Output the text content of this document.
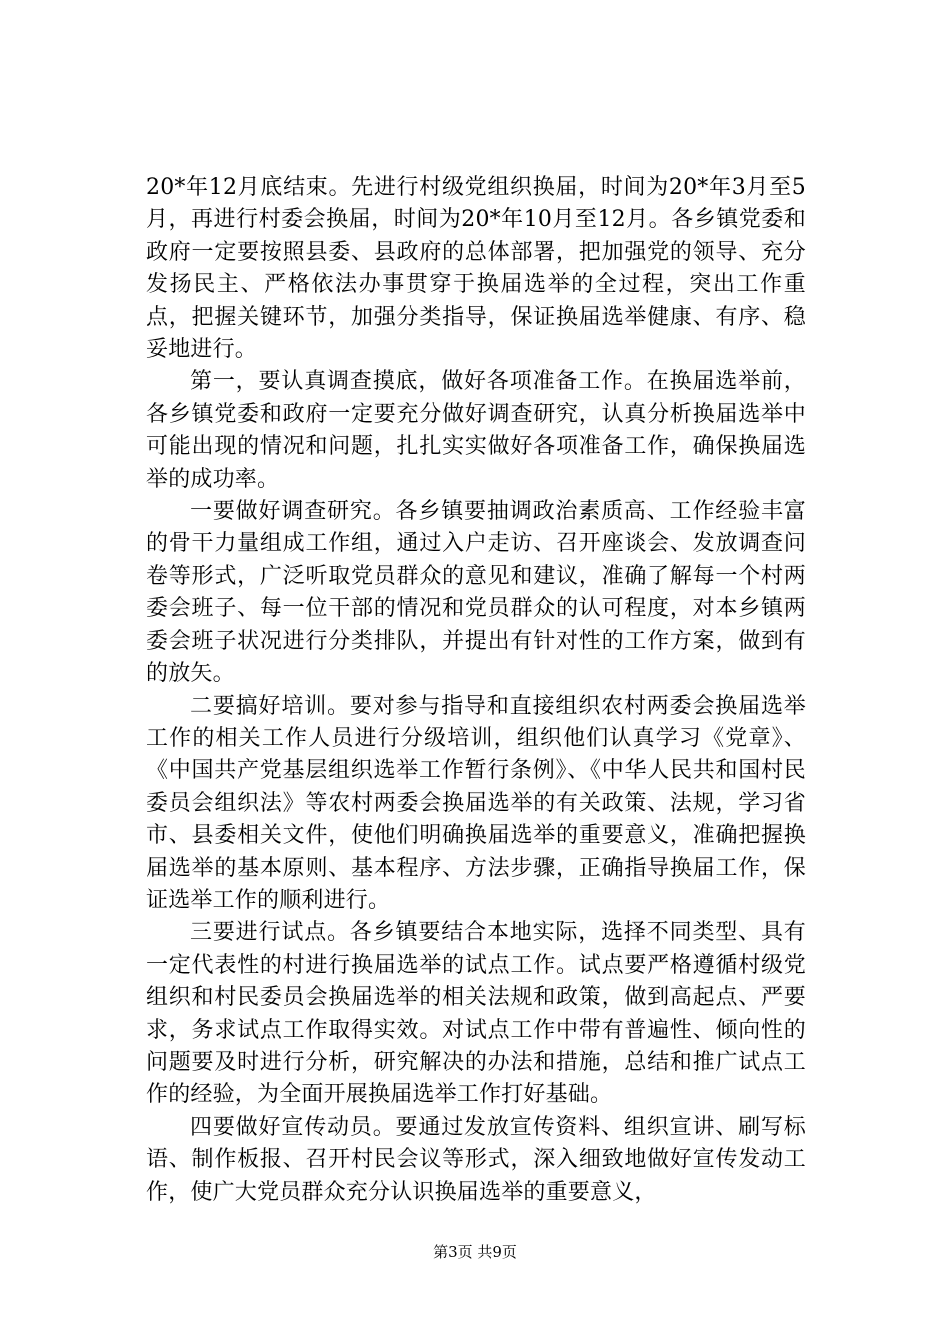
20*年12月底结束。先进行村级党组织换届，时间为20*年3月至5月，再进行村委会换届，时间为20*年10月至12月。各乡镇党委和政府一定要按照县委、县政府的总体部署，把加强党的领导、充分发扬民主、严格依法办事贯穿于换届选举的全过程，突出工作重点，把握关键环节，加强分类指导，保证换届选举健康、有序、稳妥地进行。

第一，要认真调查摸底，做好各项准备工作。在换届选举前，各乡镇党委和政府一定要充分做好调查研究，认真分析换届选举中可能出现的情况和问题，扎扎实实做好各项准备工作，确保换届选举的成功率。

一要做好调查研究。各乡镇要抽调政治素质高、工作经验丰富的骨干力量组成工作组，通过入户走访、召开座谈会、发放调查问卷等形式，广泛听取党员群众的意见和建议，准确了解每一个村两委会班子、每一位干部的情况和党员群众的认可程度，对本乡镇两委会班子状况进行分类排队，并提出有针对性的工作方案，做到有的放矢。

二要搞好培训。要对参与指导和直接组织农村两委会换届选举工作的相关工作人员进行分级培训，组织他们认真学习《党章》、《中国共产党基层组织选举工作暂行条例》、《中华人民共和国村民委员会组织法》等农村两委会换届选举的有关政策、法规，学习省市、县委相关文件，使他们明确换届选举的重要意义，准确把握换届选举的基本原则、基本程序、方法步骤，正确指导换届工作，保证选举工作的顺利进行。

三要进行试点。各乡镇要结合本地实际，选择不同类型、具有一定代表性的村进行换届选举的试点工作。试点要严格遵循村级党组织和村民委员会换届选举的相关法规和政策，做到高起点、严要求，务求试点工作取得实效。对试点工作中带有普遍性、倾向性的问题要及时进行分析，研究解决的办法和措施，总结和推广试点工作的经验，为全面开展换届选举工作打好基础。

四要做好宣传动员。要通过发放宣传资料、组织宣讲、刷写标语、制作板报、召开村民会议等形式，深入细致地做好宣传发动工作，使广大党员群众充分认识换届选举的重要意义，

第3页 共9页
